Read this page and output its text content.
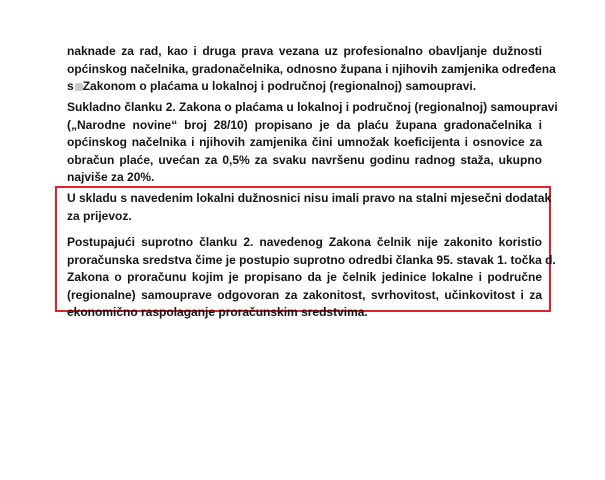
naknade za rad, kao i druga prava vezana uz profesionalno obavljanje dužnosti
općinskog načelnika, gradonačelnika, odnosno župana i njihovih zamjenika određena
s Zakonom o plaćama u lokalnoj i područnoj (regionalnoj) samoupravi.
Sukladno članku 2. Zakona o plaćama u lokalnoj i područnoj (regionalnoj) samoupravi
(„Narodne novine“ broj 28/10) propisano je da plaću župana gradonačelnika i
općinskog načelnika i njihovih zamjenika čini umnožak koeficijenta i osnovice za
obračun plaće, uvećan za 0,5% za svaku navršenu godinu radnog staža, ukupno
najviše za 20%.
U skladu s navedenim lokalni dužnosnici nisu imali pravo na stalni mjesečni dodatak
za prijevoz.
Postupajući suprotno članku 2. navedenog Zakona čelnik nije zakonito koristio
proračunska sredstva čime je postupio suprotno odredbi članka 95. stavak 1. točka d.
Zakona o proračunu kojim je propisano da je čelnik jedinice lokalne i područne
(regionalne) samouprave odgovoran za zakonitost, svrhovitost, učinkovitost i za
ekonomično raspolaganje proračunskim sredstvima.
